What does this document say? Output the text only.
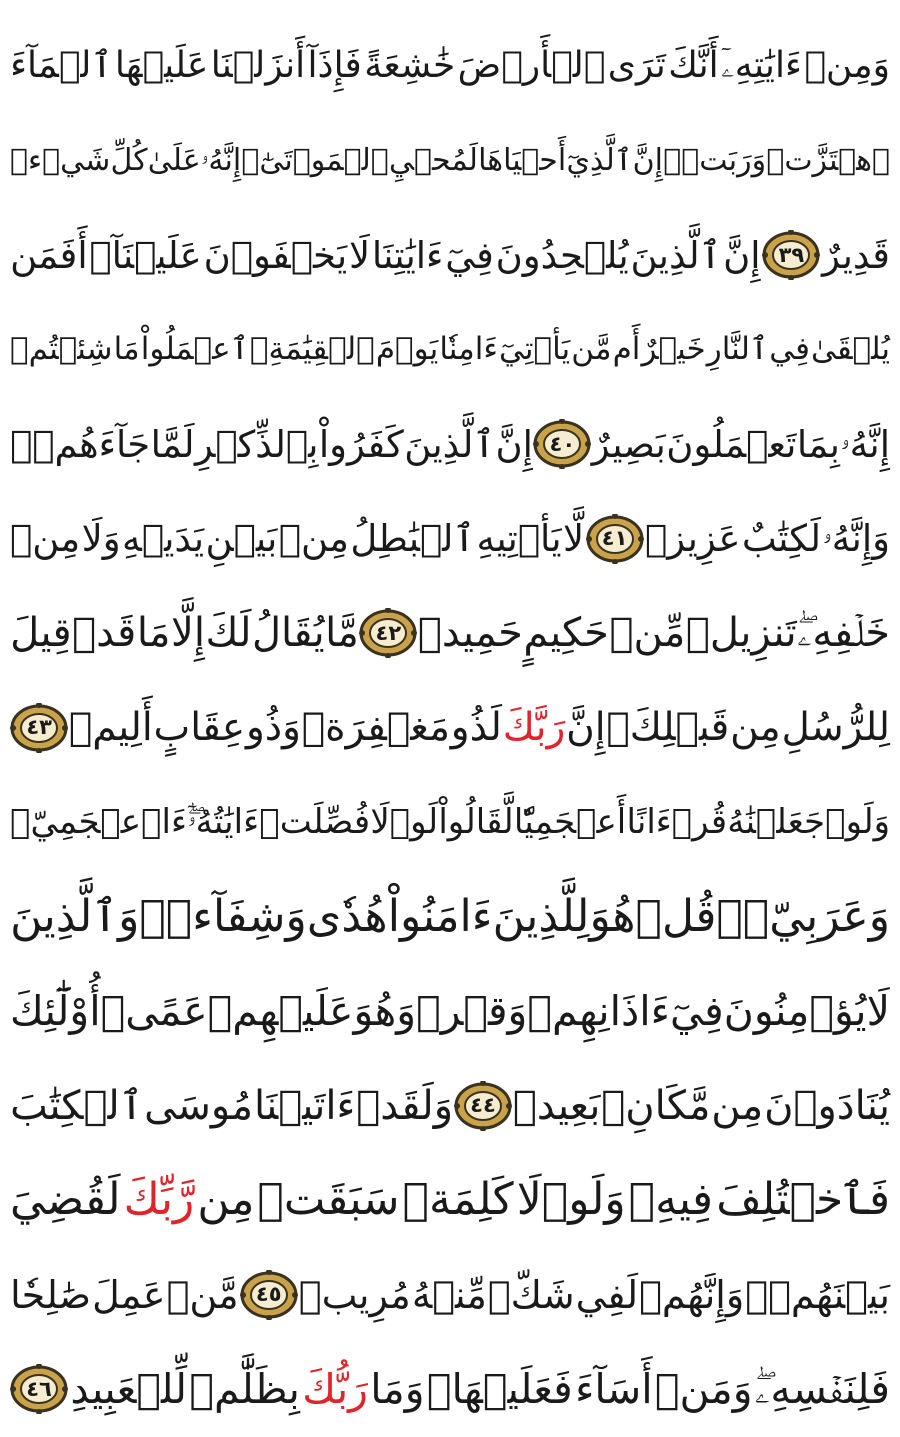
وَمِنۡ
ءَايَٰتِهِۦٓ
أَنَّكَ
تَرَى
ٱلۡأَرۡضَ
خَٰشِعَةً
فَإِذَآ
أَنزَلۡنَا
عَلَيۡهَا
ٱلۡمَآءَ
ٱهۡتَزَّتۡ
وَرَبَتۡۚ
إِنَّ
ٱلَّذِيٓ
أَحۡيَاهَا
لَمُحۡيِ
ٱلۡمَوۡتَىٰٓۚ
إِنَّهُۥ
عَلَىٰ
كُلِّ
شَيۡءٖ
قَدِيرٌ
٣٩
إِنَّ
ٱلَّذِينَ
يُلۡحِدُونَ
فِيٓ
ءَايَٰتِنَا
لَا
يَخۡفَوۡنَ
عَلَيۡنَآۗ
أَفَمَن
يُلۡقَىٰ
فِي
ٱلنَّارِ
خَيۡرٌ
أَم
مَّن
يَأۡتِيٓ
ءَامِنٗا
يَوۡمَ
ٱلۡقِيَٰمَةِۚ
ٱعۡمَلُواْ
مَا
شِئۡتُمۡ
إِنَّهُۥ
بِمَا
تَعۡمَلُونَ
بَصِيرٌ
٤٠
إِنَّ
ٱلَّذِينَ
كَفَرُواْ
بِٱلذِّكۡرِ
لَمَّا
جَآءَهُمۡۖ
وَإِنَّهُۥ
لَكِتَٰبٌ
عَزِيزٞ
٤١
لَّا
يَأۡتِيهِ
ٱلۡبَٰطِلُ
مِنۢ
بَيۡنِ
يَدَيۡهِ
وَلَا
مِنۡ
خَلۡفِهِۦۖ
تَنزِيلٞ
مِّنۡ
حَكِيمٍ
حَمِيدٖ
٤٢
مَّا
يُقَالُ
لَكَ
إِلَّا
مَا
قَدۡ
قِيلَ
لِلرُّسُلِ
مِن
قَبۡلِكَۚ
إِنَّ
رَبَّكَ
لَذُو
مَغۡفِرَةٖ
وَذُو
عِقَابٍ
أَلِيمٖ
٤٣
وَلَوۡ
جَعَلۡنَٰهُ
قُرۡءَانًا
أَعۡجَمِيّٗا
لَّقَالُواْ
لَوۡلَا
فُصِّلَتۡ
ءَايَٰتُهُۥٓۖ
ءَا۬عۡجَمِيّٞ
وَعَرَبِيّٞۗ
قُلۡ
هُوَ
لِلَّذِينَ
ءَامَنُواْ
هُدٗى
وَشِفَآءٞۚ
وَٱلَّذِينَ
لَا
يُؤۡمِنُونَ
فِيٓ
ءَاذَانِهِمۡ
وَقۡرٞ
وَهُوَ
عَلَيۡهِمۡ
عَمًىۚ
أُوْلَٰٓئِكَ
يُنَادَوۡنَ
مِن
مَّكَانِۭ
بَعِيدٖ
٤٤
وَلَقَدۡ
ءَاتَيۡنَا
مُوسَى
ٱلۡكِتَٰبَ
فَٱخۡتُلِفَ
فِيهِۗ
وَلَوۡلَا
كَلِمَةٞ
سَبَقَتۡ
مِن
رَّبِّكَ
لَقُضِيَ
بَيۡنَهُمۡۚ
وَإِنَّهُمۡ
لَفِي
شَكّٖ
مِّنۡهُ
مُرِيبٖ
٤٥
مَّنۡ
عَمِلَ
صَٰلِحٗا
فَلِنَفۡسِهِۦۖ
وَمَنۡ
أَسَآءَ
فَعَلَيۡهَاۗ
وَمَا
رَبُّكَ
بِظَلَّٰمٖ
لِّلۡعَبِيدِ
٤٦
